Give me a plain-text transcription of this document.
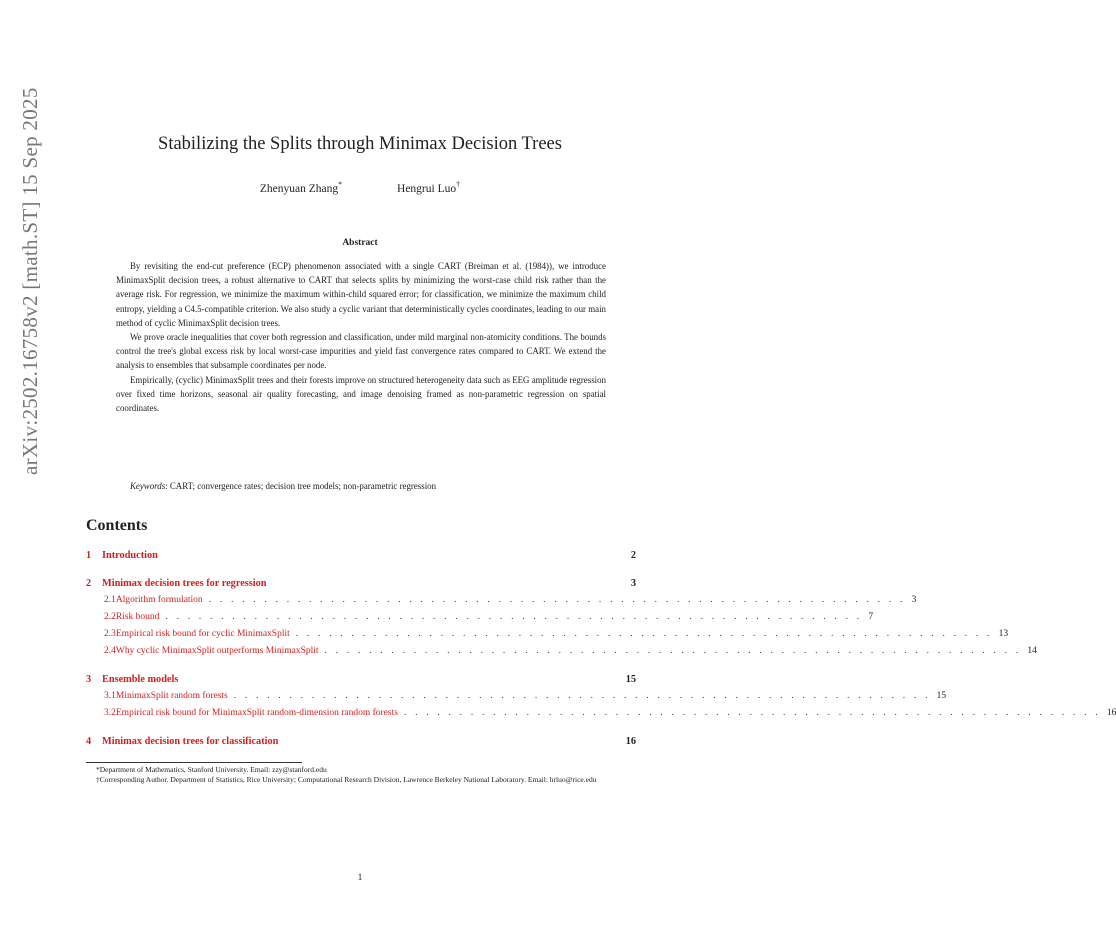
arXiv:2502.16758v2 [math.ST] 15 Sep 2025	Stabilizing the Splits through Minimax Decision Trees
Zhenyuan Zhang*	Hengrui Luo†
Abstract

By revisiting the end-cut preference (ECP) phenomenon associated with a single CART (Breiman et al. (1984)), we introduce MinimaxSplit decision trees, a robust alternative to CART that selects splits by minimizing the worst-case child risk rather than the average risk. For regression, we minimize the maximum within-child squared error; for classification, we minimize the maximum child entropy, yielding a C4.5-compatible criterion. We also study a cyclic variant that deterministically cycles coordinates, leading to our main method of cyclic MinimaxSplit decision trees.

We prove oracle inequalities that cover both regression and classification, under mild marginal non-atomicity conditions. The bounds control the tree's global excess risk by local worst-case impurities and yield fast convergence rates compared to CART. We extend the analysis to ensembles that subsample coordinates per node.

Empirically, (cyclic) MinimaxSplit trees and their forests improve on structured heterogeneity data such as EEG amplitude regression over fixed time horizons, seasonal air quality forecasting, and image denoising framed as non-parametric regression on spatial coordinates.

Keywords: CART; convergence rates; decision tree models; non-parametric regression
Contents
1	Introduction	2
2	Minimax decision trees for regression	3
2.1 Algorithm formulation . . . . . . . . . . . . . . . . . . . . . . . . . . . . . . . . . . . . . . . . . . . . . . . . . . . . . . . . . . . . . . . 3
2.2 Risk bound . . . . . . . . . . . . . . . . . . . . . . . . . . . . . . . . . . . . . . . . . . . . . . . . . . . . . . . . . . . . . . . 7
2.3 Empirical risk bound for cyclic MinimaxSplit . . . . . . . . . . . . . . . . . . . . . . . . . . . . . . . . . . . . . . . . . . . . . . . . . . . . . . . . . . . . . . . 13
2.4 Why cyclic MinimaxSplit outperforms MinimaxSplit . . . . . . . . . . . . . . . . . . . . . . . . . . . . . . . . . . . . . . . . . . . . . . . . . . . . . . . . . . . . . . . 14
3	Ensemble models	15
3.1 MinimaxSplit random forests . . . . . . . . . . . . . . . . . . . . . . . . . . . . . . . . . . . . . . . . . . . . . . . . . . . . . . . . . . . . . . . 15
3.2 Empirical risk bound for MinimaxSplit random-dimension random forests . . . . . . . . . . . . . . . . . . . . . . . . . . . . . . . . . . . . . . . . . . . . . . . . . . . . . . . . . . . . . . . 16
4	Minimax decision trees for classification	16

*Department of Mathematics, Stanford University. Email: zzy@stanford.edu

†Corresponding Author. Department of Statistics, Rice University; Computational Research Division, Lawrence Berkeley National Laboratory. Email: hrluo@rice.edu

1
